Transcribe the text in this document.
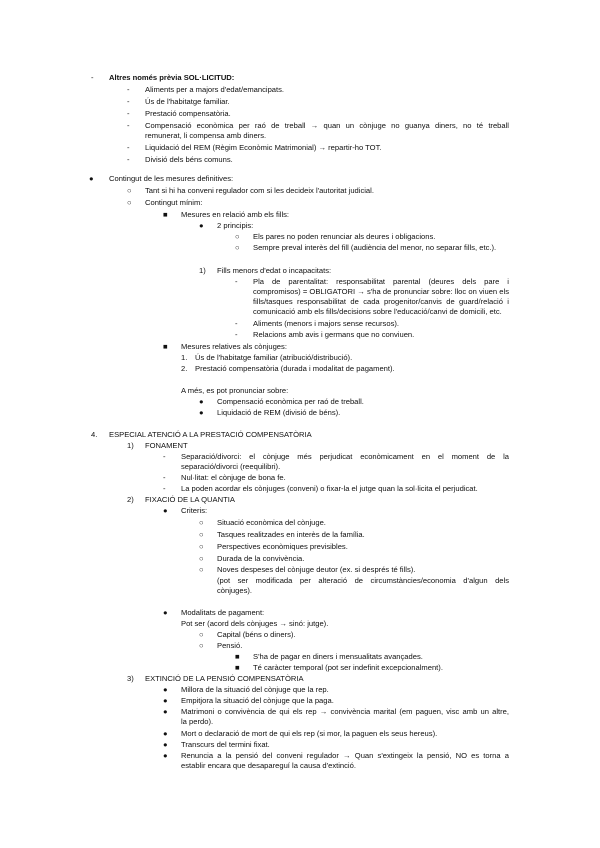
- Altres només prèvia SOL·LICITUD:
- Aliments per a majors d'edat/emancipats.
- Ús de l'habitatge familiar.
- Prestació compensatòria.
- Compensació econòmica per raó de treball → quan un cònjuge no guanya diners, no té treball
remunerat, li compensa amb diners.
- Liquidació del REM (Règim Econòmic Matrimonial) → repartir-ho TOT.
- Divisió dels béns comuns.
● Contingut de les mesures definitives:
○ Tant si hi ha conveni regulador com si les decideix l'autoritat judicial.
○ Contingut mínim:
■ Mesures en relació amb els fills:
● 2 principis:
○ Els pares no poden renunciar als deures i obligacions.
○ Sempre preval interès del fill (audiència del menor, no separar fills, etc.).
1) Fills menors d'edat o incapacitats:
- Pla de parentalitat: responsabilitat parental (deures dels pare i
compromisos) = OBLIGATORI → s'ha de pronunciar sobre: lloc on viuen els
fills/tasques responsabilitat de cada progenitor/canvis de guard/relació i
comunicació amb els fills/decisions sobre l'educació/canvi de domicili, etc.
- Aliments (menors i majors sense recursos).
- Relacions amb avis i germans que no conviuen.
■ Mesures relatives als cònjuges:
1. Ús de l'habitatge familiar (atribució/distribució).
2. Prestació compensatòria (durada i modalitat de pagament).
A més, es pot pronunciar sobre:
● Compensació econòmica per raó de treball.
● Liquidació de REM (divisió de béns).
4. ESPECIAL ATENCIÓ A LA PRESTACIÓ COMPENSATÒRIA
1) FONAMENT
- Separació/divorci: el cònjuge més perjudicat econòmicament en el moment de la
separació/divorci (reequilibri).
- Nul·litat: el cònjuge de bona fe.
- La poden acordar els cònjuges (conveni) o fixar-la el jutge quan la sol·licita el perjudicat.
2) FIXACIÓ DE LA QUANTIA
● Criteris:
○ Situació econòmica del cònjuge.
○ Tasques realitzades en interès de la família.
○ Perspectives econòmiques previsibles.
○ Durada de la convivència.
○ Noves despeses del cònjuge deutor (ex. si després té fills).
(pot ser modificada per alteració de circumstàncies/economia d'algun dels
cònjuges).
● Modalitats de pagament:
Pot ser (acord dels cònjuges → sinó: jutge).
○ Capital (béns o diners).
○ Pensió.
■ S'ha de pagar en diners i mensualitats avançades.
■ Té caràcter temporal (pot ser indefinit excepcionalment).
3) EXTINCIÓ DE LA PENSIÓ COMPENSATÒRIA
● Millora de la situació del cònjuge que la rep.
● Empitjora la situació del cònjuge que la paga.
● Matrimoni o convivència de qui els rep → convivència marital (em paguen, visc amb un altre,
la perdo).
● Mort o declaració de mort de qui els rep (si mor, la paguen els seus hereus).
● Transcurs del termini fixat.
● Renuncia a la pensió del conveni regulador → Quan s'extingeix la pensió, NO es torna a
establir encara que desapareguí la causa d'extinció.
